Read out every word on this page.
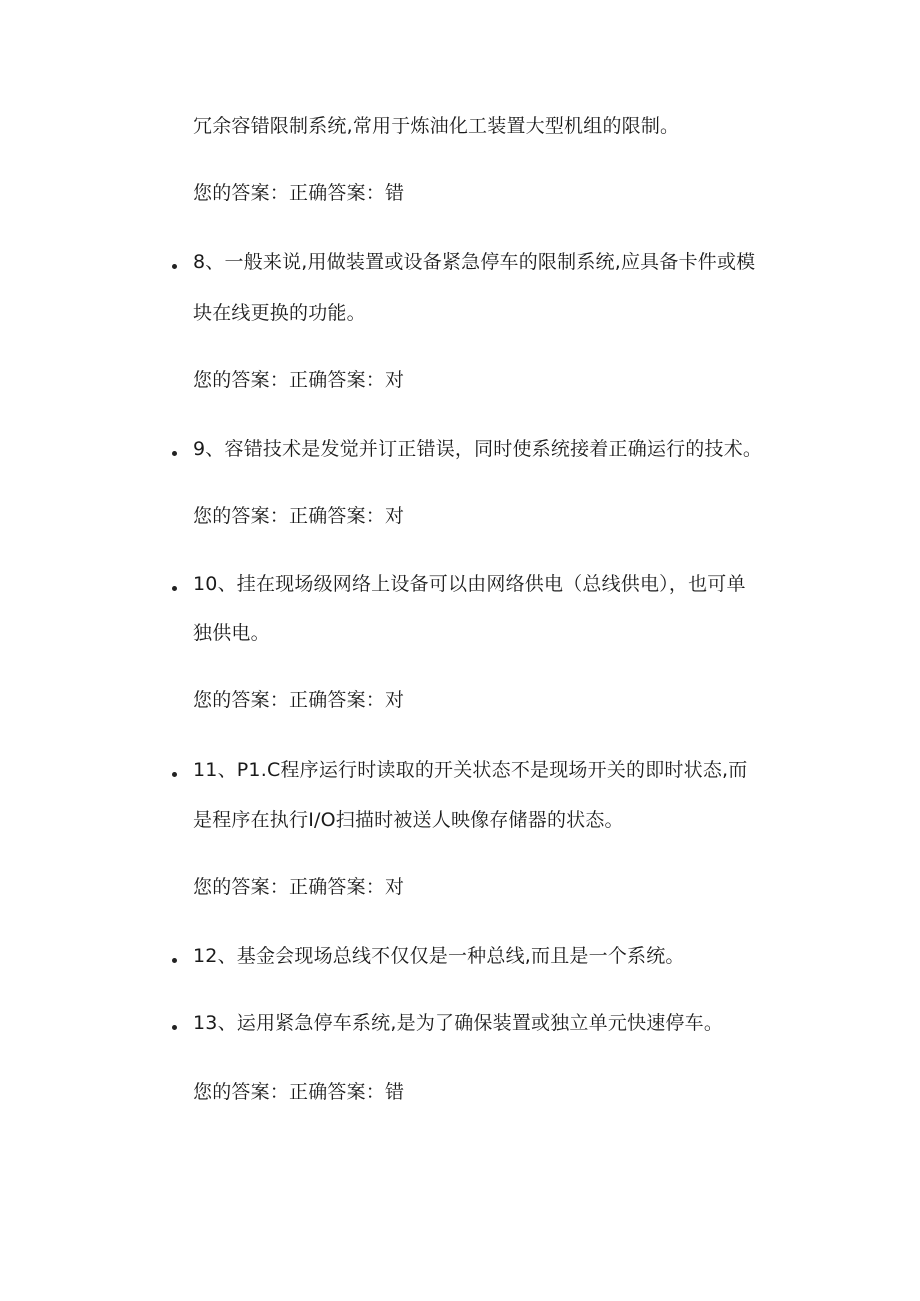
冗余容错限制系统,常用于炼油化工装置大型机组的限制。
您的答案：正确答案：错
8、一般来说,用做装置或设备紧急停车的限制系统,应具备卡件或模
块在线更换的功能。
您的答案：正确答案：对
9、容错技术是发觉并订正错误，同时使系统接着正确运行的技术。
您的答案：正确答案：对
10、挂在现场级网络上设备可以由网络供电（总线供电），也可单
独供电。
您的答案：正确答案：对
11、P1.C程序运行时读取的开关状态不是现场开关的即时状态,而
是程序在执行I/O扫描时被送人映像存储器的状态。
您的答案：正确答案：对
12、基金会现场总线不仅仅是一种总线,而且是一个系统。
13、运用紧急停车系统,是为了确保装置或独立单元快速停车。
您的答案：正确答案：错
